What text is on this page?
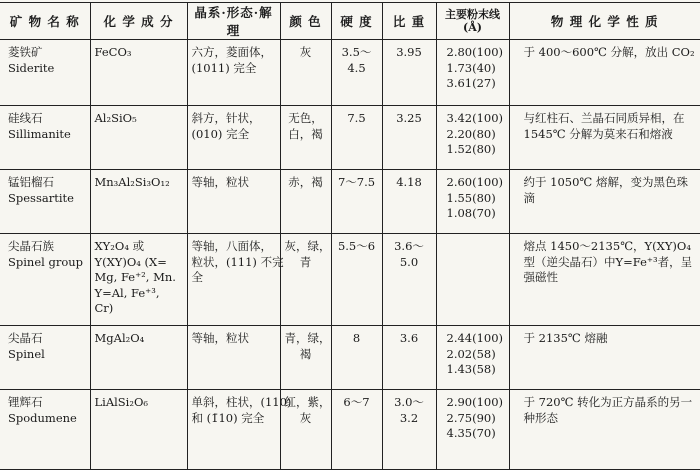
矿 物 名 称	化 学 成 分	晶系·形态·解理	颜 色	硬 度	比 重	主要粉末线
(Å)	物 理 化 学 性 质

菱铁矿
Siderite	FeCO₃	六方，菱面体，
(1011) 完全	灰	3.5～4.5	3.95	2.80(100)
1.73(40)
3.61(27)	于 400～600℃ 分解，放出 CO₂

硅线石
Sillimanite	Al₂SiO₅	斜方，针状，
(010) 完全	无色，
白，褐	7.5	3.25	3.42(100)
2.20(80)
1.52(80)	与红柱石、兰晶石同质异相，在 1545℃ 分解为莫来石和熔液

锰铝榴石
Spessartite	Mn₃Al₂Si₃O₁₂	等轴，粒状	赤，褐	7～7.5	4.18	2.60(100)
1.55(80)
1.08(70)	约于 1050℃ 熔解，变为黑色珠滴

尖晶石族
Spinel group	XY₂O₄ 或
Y(XY)O₄ (X=
Mg, Fe⁺², Mn.
Y=Al, Fe⁺³,
Cr)	等轴，八面体，
粒状，(111) 不完
全	灰，绿，
青	5.5～6	3.6～5.0		熔点 1450～2135℃，Y(XY)O₄ 型（逆尖晶石）中Y=Fe⁺³者，呈强磁性

尖晶石
Spinel	MgAl₂O₄	等轴，粒状	青，绿，
褐	8	3.6	2.44(100)
2.02(58)
1.43(58)	于 2135℃ 熔融

锂辉石
Spodumene	LiAlSi₂O₆	单斜，柱状，(110)
和 (1̄10) 完全	红，紫，
灰	6～7	3.0～3.2	2.90(100)
2.75(90)
4.35(70)	于 720℃ 转化为正方晶系的另一种形态
